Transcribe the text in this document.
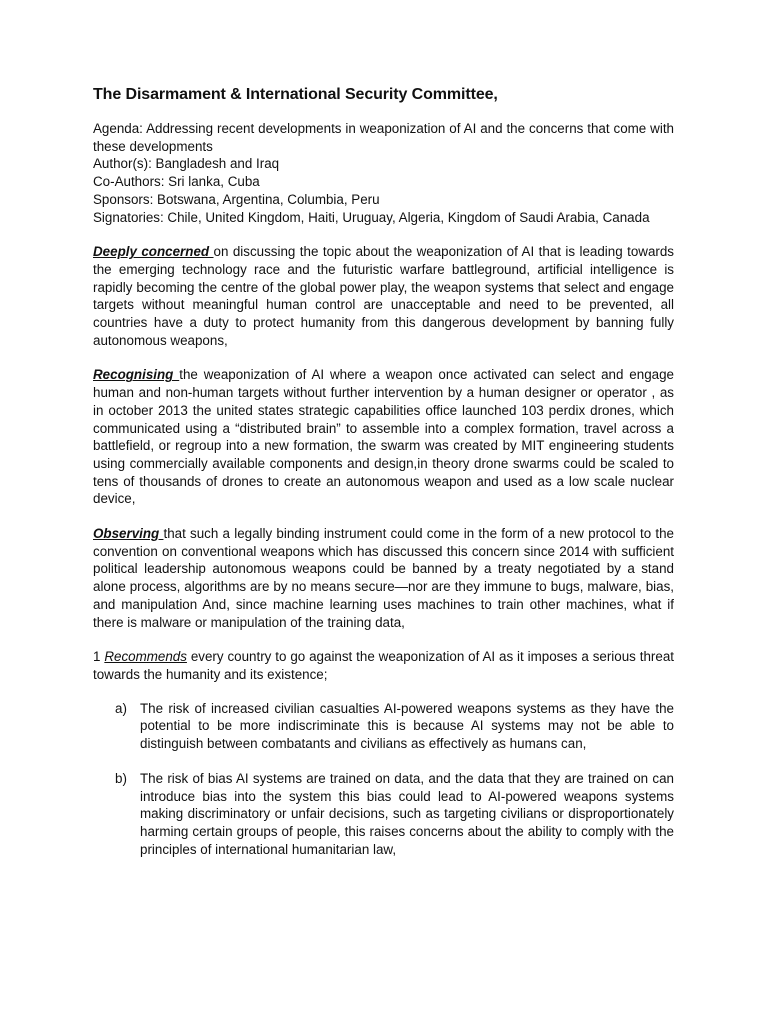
The Disarmament & International Security Committee,

Agenda: Addressing recent developments in weaponization of AI and the concerns that come with these developments

Author(s): Bangladesh and Iraq

Co-Authors: Sri lanka, Cuba

Sponsors: Botswana, Argentina, Columbia, Peru

Signatories: Chile, United Kingdom, Haiti, Uruguay, Algeria, Kingdom of Saudi Arabia, Canada

Deeply concerned on discussing the topic about the weaponization of AI that is leading towards the emerging technology race and the futuristic warfare battleground, artificial intelligence is rapidly becoming the centre of the global power play, the weapon systems that select and engage targets without meaningful human control are unacceptable and need to be prevented, all countries have a duty to protect humanity from this dangerous development by banning fully autonomous weapons,

Recognising the weaponization of AI where a weapon once activated can select and engage human and non-human targets without further intervention by a human designer or operator , as in october 2013 the united states strategic capabilities office launched 103 perdix drones, which communicated using a “distributed brain” to assemble into a complex formation, travel across a battlefield, or regroup into a new formation, the swarm was created by MIT engineering students using commercially available components and design,in theory drone swarms could be scaled to tens of thousands of drones to create an autonomous weapon and used as a low scale nuclear device,

Observing that such a legally binding instrument could come in the form of a new protocol to the convention on conventional weapons which has discussed this concern since 2014 with sufficient political leadership autonomous weapons could be banned by a treaty negotiated by a stand alone process, algorithms are by no means secure—nor are they immune to bugs, malware, bias, and manipulation And, since machine learning uses machines to train other machines, what if there is malware or manipulation of the training data,

1 Recommends every country to go against the weaponization of AI as it imposes a serious threat towards the humanity and its existence;

a) The risk of increased civilian casualties AI-powered weapons systems as they have the potential to be more indiscriminate this is because AI systems may not be able to distinguish between combatants and civilians as effectively as humans can,

b) The risk of bias AI systems are trained on data, and the data that they are trained on can introduce bias into the system this bias could lead to AI-powered weapons systems making discriminatory or unfair decisions, such as targeting civilians or disproportionately harming certain groups of people, this raises concerns about the ability to comply with the principles of international humanitarian law,
